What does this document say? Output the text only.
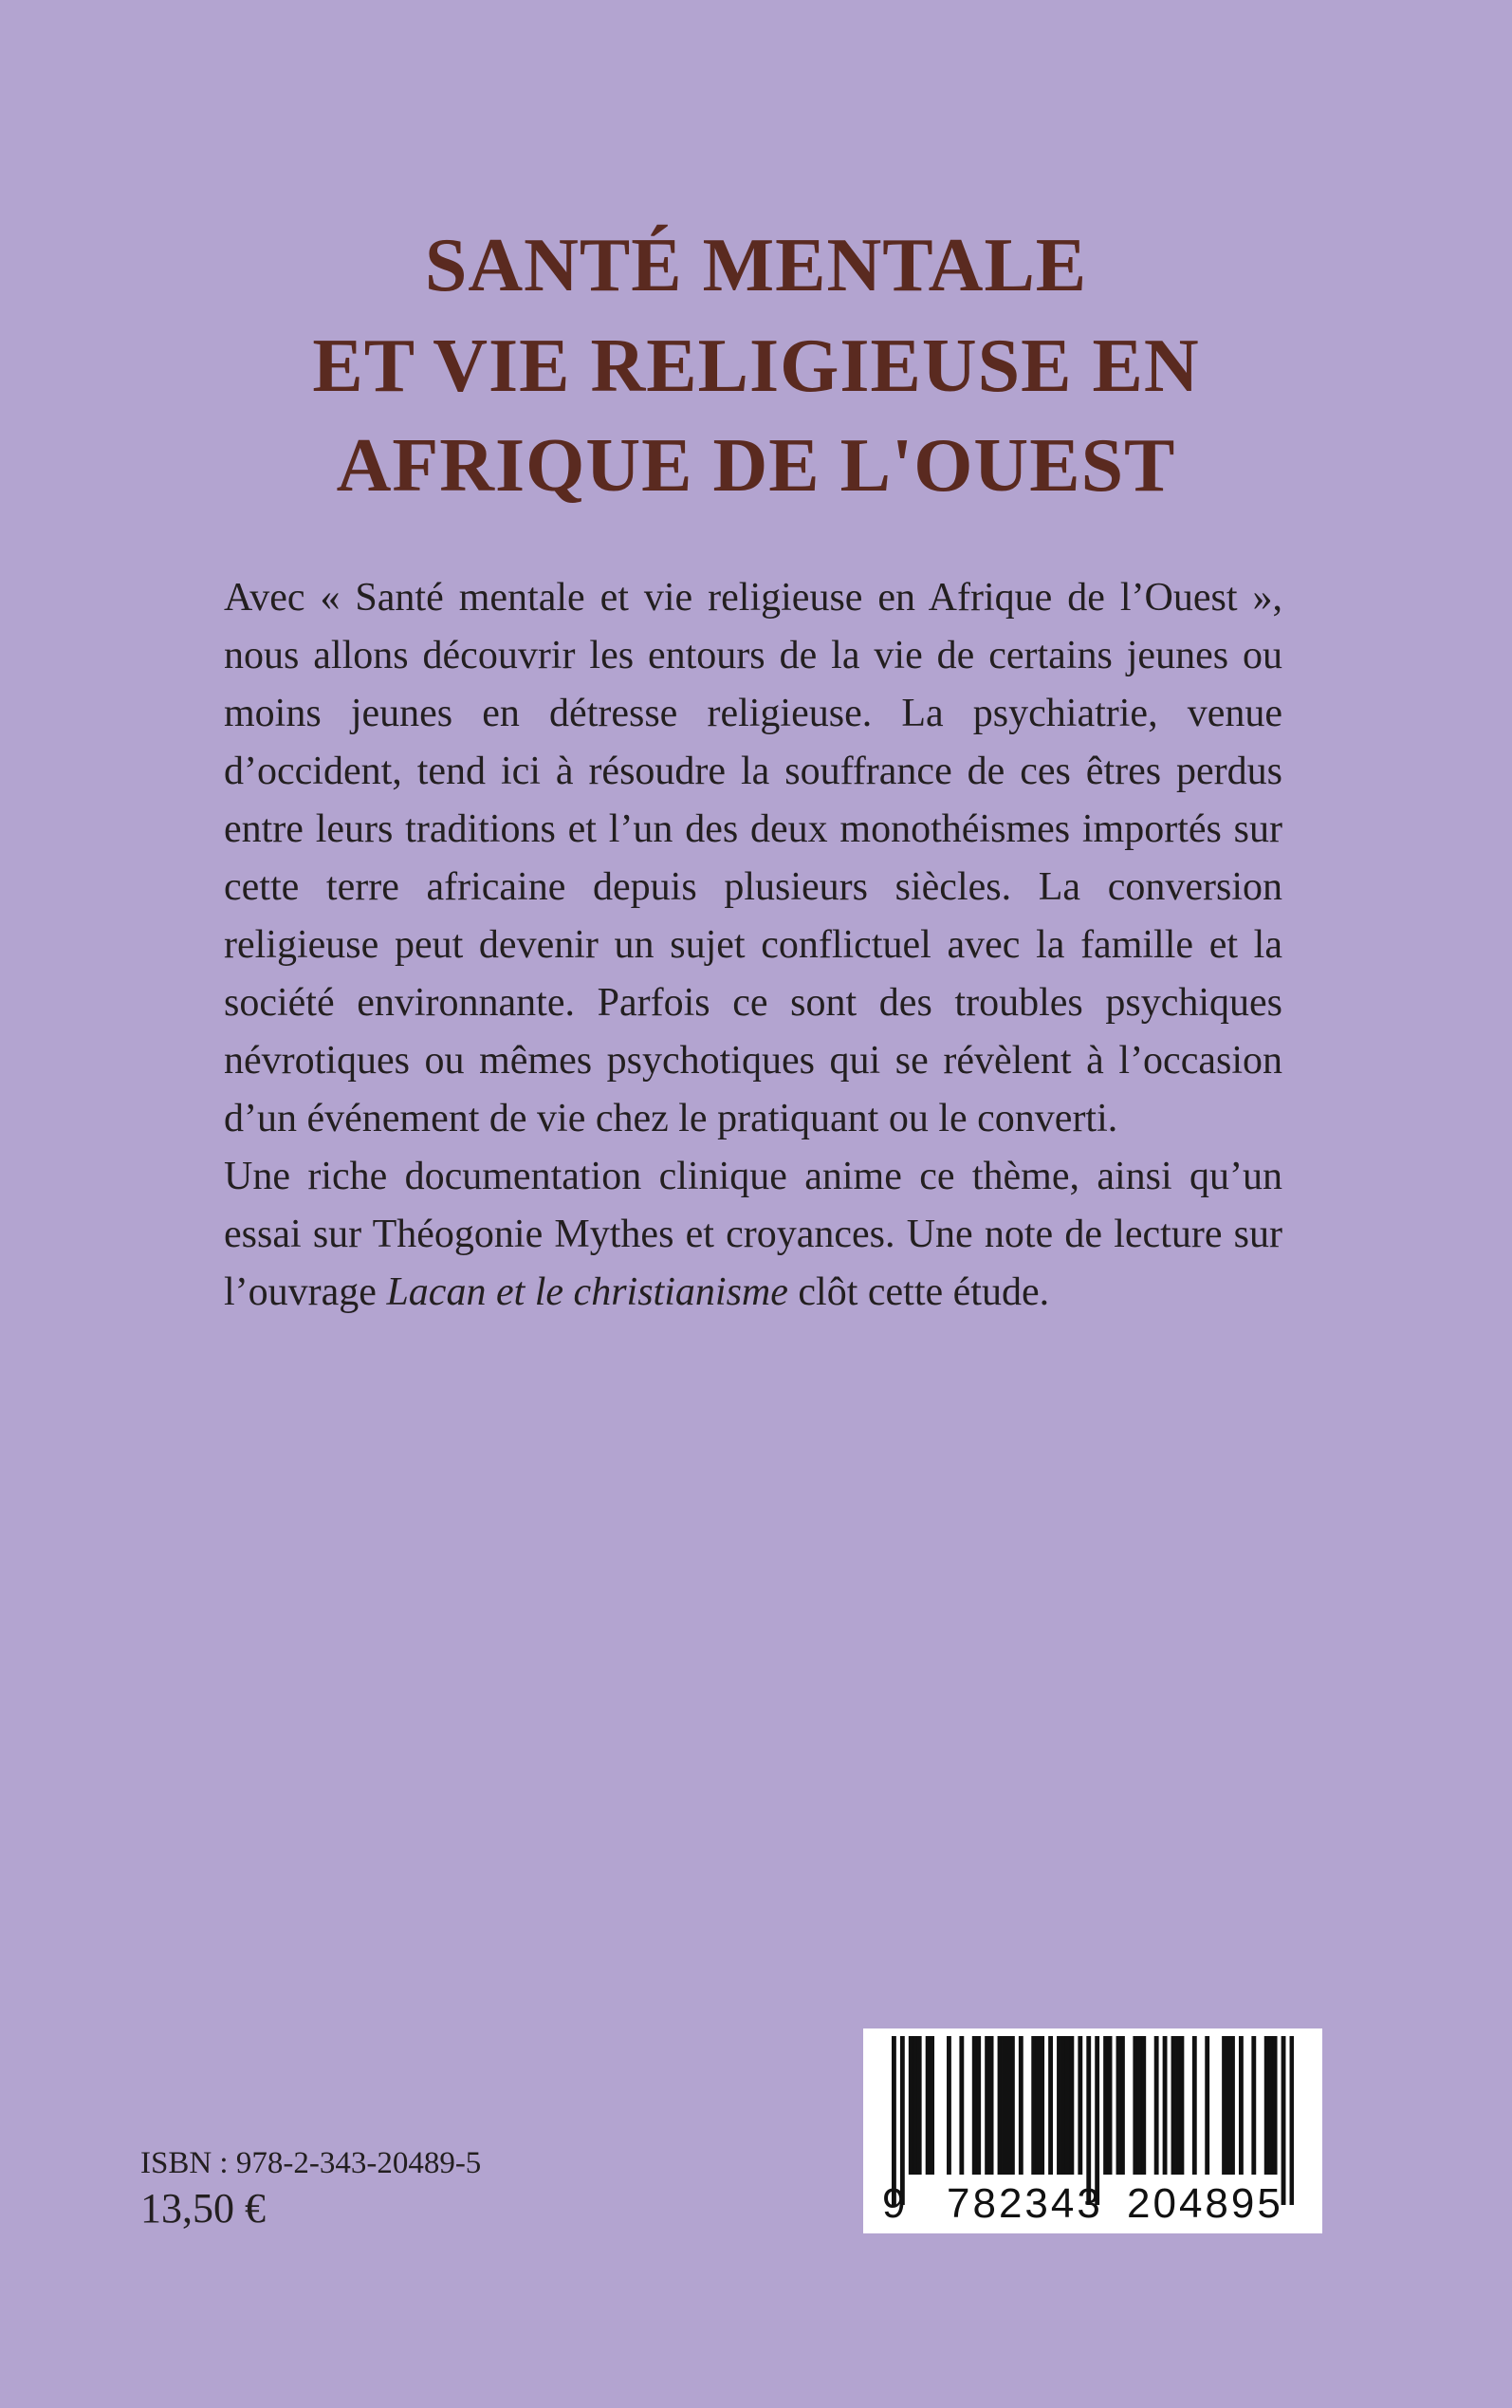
SANTÉ MENTALE
ET VIE RELIGIEUSE EN
AFRIQUE DE L'OUEST

Avec « Santé mentale et vie religieuse en Afrique de l’Ouest », nous allons découvrir les entours de la vie de certains jeunes ou moins jeunes en détresse religieuse. La psychiatrie, venue d’occident, tend ici à résoudre la souffrance de ces êtres perdus entre leurs traditions et l’un des deux monothéismes importés sur cette terre africaine depuis plusieurs siècles. La conversion religieuse peut devenir un sujet conflictuel avec la famille et la société environnante. Parfois ce sont des troubles psychiques névrotiques ou mêmes psychotiques qui se révèlent à l’occasion d’un événement de vie chez le pratiquant ou le converti.

Une riche documentation clinique anime ce thème, ainsi qu’un essai sur Théogonie Mythes et croyances. Une note de lecture sur l’ouvrage Lacan et le christianisme clôt cette étude.

ISBN : 978-2-343-20489-5
13,50 €	9 782343 204895
